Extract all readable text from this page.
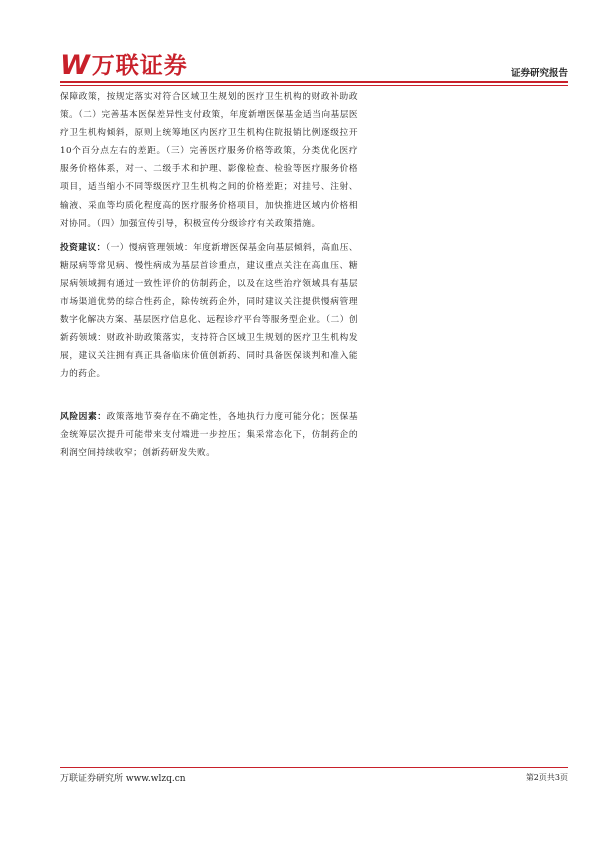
W 万联证券	证券研究报告

保障政策，按规定落实对符合区域卫生规划的医疗卫生机构的财政补助政策。（二）完善基本医保差异性支付政策，年度新增医保基金适当向基层医疗卫生机构倾斜，原则上统筹地区内医疗卫生机构住院报销比例逐级拉开10个百分点左右的差距。（三）完善医疗服务价格等政策，分类优化医疗服务价格体系，对一、二级手术和护理、影像检查、检验等医疗服务价格项目，适当缩小不同等级医疗卫生机构之间的价格差距；对挂号、注射、输液、采血等均质化程度高的医疗服务价格项目，加快推进区域内价格相对协同。（四）加强宣传引导，积极宣传分级诊疗有关政策措施。

投资建议：（一）慢病管理领域：年度新增医保基金向基层倾斜，高血压、糖尿病等常见病、慢性病成为基层首诊重点，建议重点关注在高血压、糖尿病领域拥有通过一致性评价的仿制药企，以及在这些治疗领域具有基层市场渠道优势的综合性药企，除传统药企外，同时建议关注提供慢病管理数字化解决方案、基层医疗信息化、远程诊疗平台等服务型企业。（二）创新药领域：财政补助政策落实，支持符合区域卫生规划的医疗卫生机构发展，建议关注拥有真正具备临床价值创新药、同时具备医保谈判和准入能力的药企。

风险因素：政策落地节奏存在不确定性，各地执行力度可能分化；医保基金统筹层次提升可能带来支付端进一步控压；集采常态化下，仿制药企的利润空间持续收窄；创新药研发失败。

万联证券研究所 www.wlzq.cn	第2页共3页
